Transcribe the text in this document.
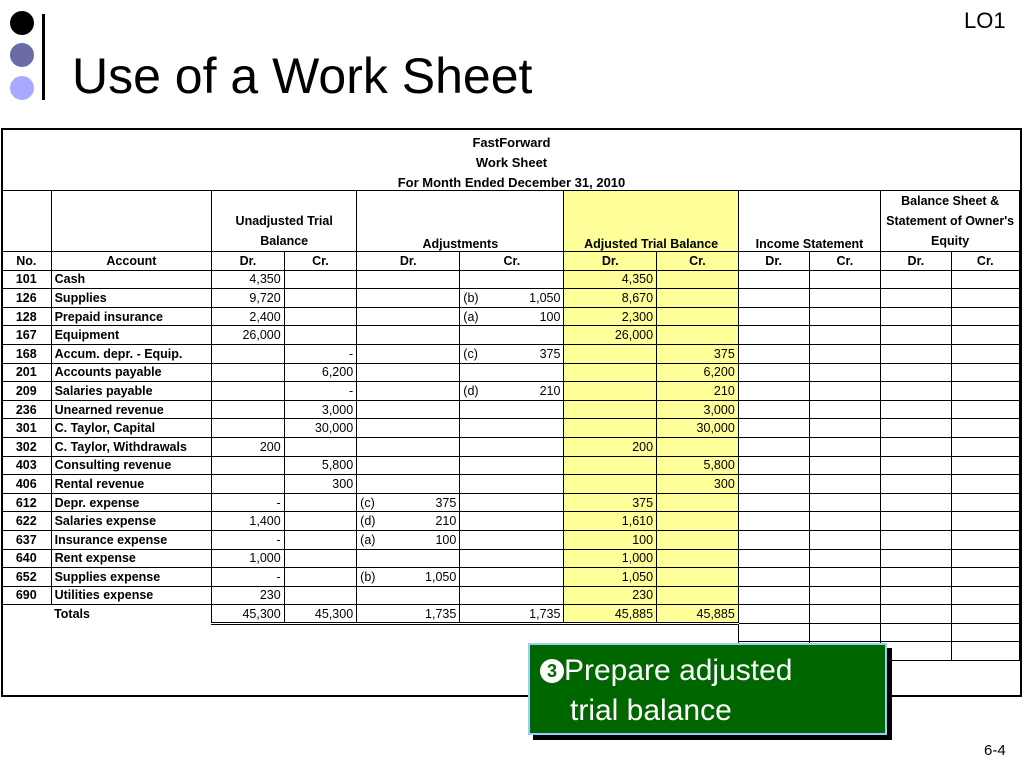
Use of a Work Sheet
LO1
FastForward
Work Sheet
For Month Ended December 31, 2010
		Unadjusted Trial Balance		Adjustments		Adjusted Trial Balance		Income Statement		Balance Sheet & Statement of Owner's Equity	
No.	Account	Dr.	Cr.	Dr.	Cr.	Dr.	Cr.	Dr.	Cr.	Dr.	Cr.
101	Cash	4,350				4,350					
126	Supplies	9,720			(b) 1,050	8,670					
128	Prepaid insurance	2,400			(a) 100	2,300					
167	Equipment	26,000				26,000					
168	Accum. depr. - Equip.		-		(c) 375		375				
201	Accounts payable		6,200				6,200				
209	Salaries payable		-		(d) 210		210				
236	Unearned revenue		3,000				3,000				
301	C. Taylor, Capital		30,000				30,000				
302	C. Taylor, Withdrawals	200				200					
403	Consulting revenue		5,800				5,800				
406	Rental revenue		300				300				
612	Depr. expense	-		(c) 375		375					
622	Salaries expense	1,400		(d) 210		1,610					
637	Insurance expense	-		(a) 100		100					
640	Rent expense	1,000				1,000					
652	Supplies expense	-		(b) 1,050		1,050					
690	Utilities expense	230				230					
	Totals	45,300	45,300	1,735	1,735	45,885	45,885				

3 Prepare adjusted
trial balance
6-4
